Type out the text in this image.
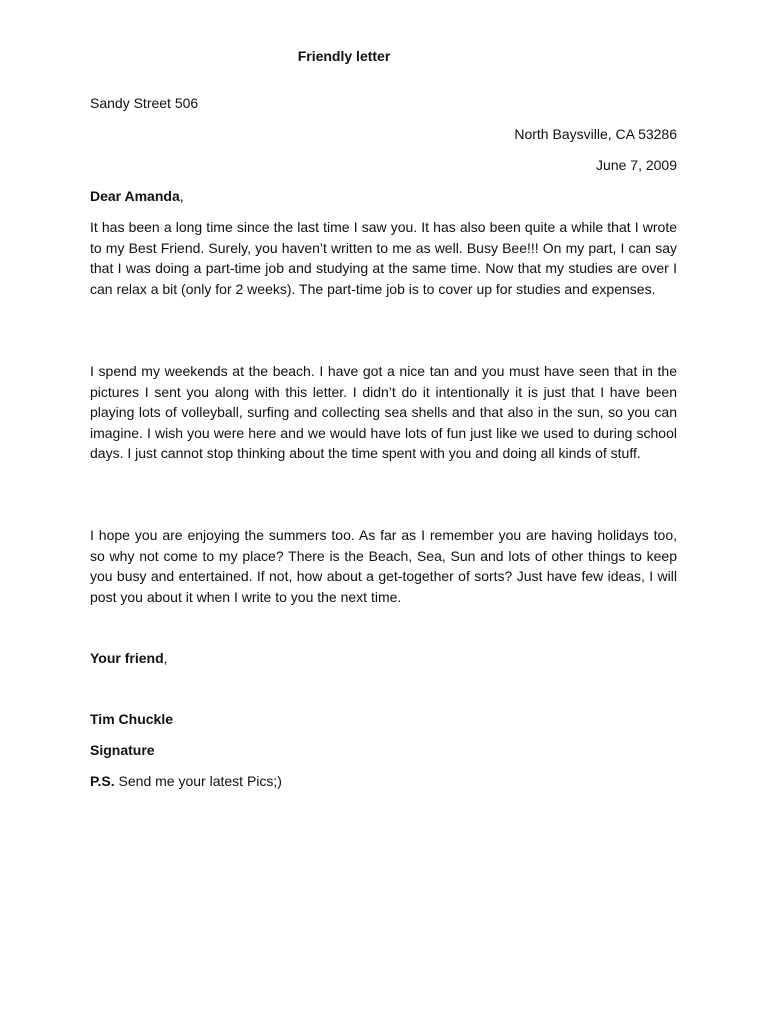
Friendly letter
Sandy Street 506
North Baysville, CA 53286
June 7, 2009
Dear Amanda,

It has been a long time since the last time I saw you. It has also been quite a while that I wrote to my Best Friend. Surely, you haven’t written to me as well. Busy Bee!!! On my part, I can say that I was doing a part-time job and studying at the same time. Now that my studies are over I can relax a bit (only for 2 weeks). The part-time job is to cover up for studies and expenses.

I spend my weekends at the beach. I have got a nice tan and you must have seen that in the pictures I sent you along with this letter. I didn’t do it intentionally it is just that I have been playing lots of volleyball, surfing and collecting sea shells and that also in the sun, so you can imagine. I wish you were here and we would have lots of fun just like we used to during school days. I just cannot stop thinking about the time spent with you and doing all kinds of stuff.

I hope you are enjoying the summers too. As far as I remember you are having holidays too, so why not come to my place? There is the Beach, Sea, Sun and lots of other things to keep you busy and entertained. If not, how about a get-together of sorts? Just have few ideas, I will post you about it when I write to you the next time.

Your friend,
Tim Chuckle
Signature
P.S. Send me your latest Pics;)
